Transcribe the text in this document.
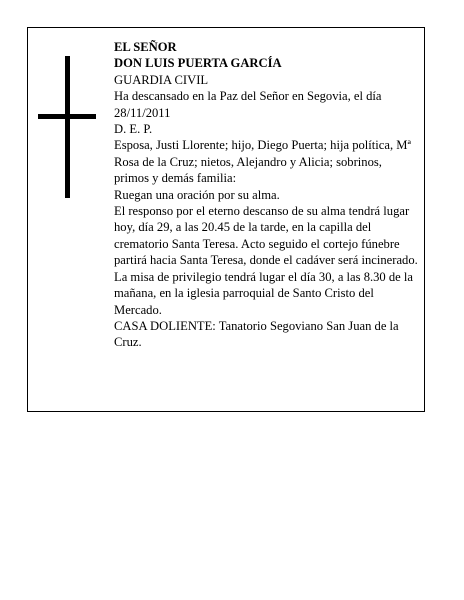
EL SEÑOR
DON LUIS PUERTA GARCÍA
GUARDIA CIVIL
Ha descansado en la Paz del Señor en Segovia, el día 28/11/2011
D. E. P.
Esposa, Justi Llorente; hijo, Diego Puerta; hija política, Mª Rosa de la Cruz; nietos, Alejandro y Alicia; sobrinos, primos y demás familia:
Ruegan una oración por su alma.
El responso por el eterno descanso de su alma tendrá lugar hoy, día 29, a las 20.45 de la tarde, en la capilla del crematorio Santa Teresa. Acto seguido el cortejo fúnebre partirá hacia Santa Teresa, donde el cadáver será incinerado. La misa de privilegio tendrá lugar el día 30, a las 8.30 de la mañana, en la iglesia parroquial de Santo Cristo del Mercado.
CASA DOLIENTE: Tanatorio Segoviano San Juan de la Cruz.
